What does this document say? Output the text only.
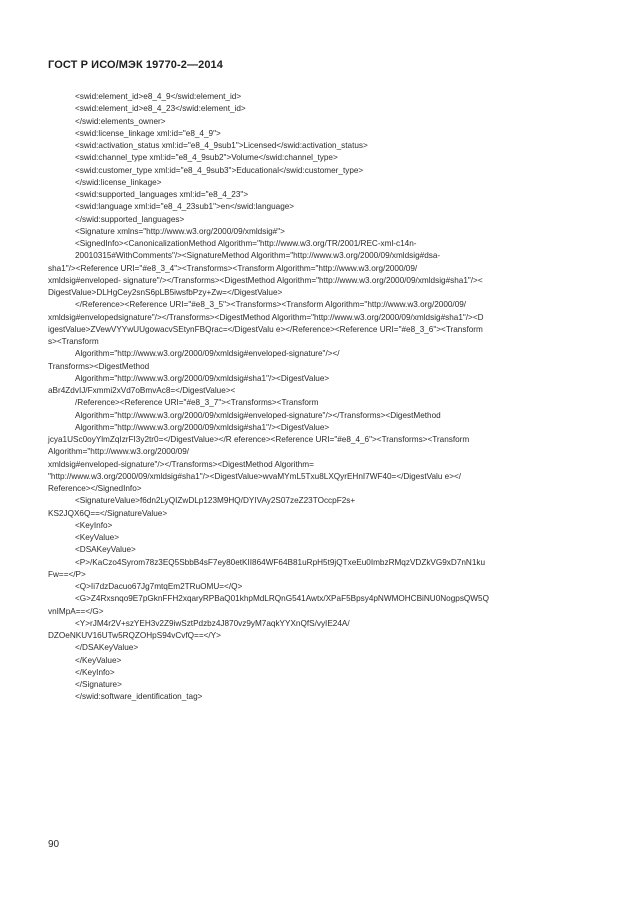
ГОСТ Р ИСО/МЭК 19770-2—2014
<swid:element_id>e8_4_9</swid:element_id>
<swid:element_id>e8_4_23</swid:element_id>
</swid:elements_owner>
<swid:license_linkage xml:id="e8_4_9">
<swid:activation_status xml:id="e8_4_9sub1">Licensed</swid:activation_status>
<swid:channel_type xml:id="e8_4_9sub2">Volume</swid:channel_type>
<swid:customer_type xml:id="e8_4_9sub3">Educational</swid:customer_type>
</swid:license_linkage>
<swid:supported_languages xml:id="e8_4_23">
<swid:language xml:id="e8_4_23sub1">en</swid:language>
</swid:supported_languages>
<Signature xmlns="http://www.w3.org/2000/09/xmldsig#">
<SignedInfo><CanonicalizationMethod Algorithm="http://www.w3.org/TR/2001/REC-xml-c14n-
20010315#WithComments"/><SignatureMethod Algorithm="http://www.w3.org/2000/09/xmldsig#dsa-
sha1"/><Reference URI="#e8_3_4"><Transforms><Transform Algorithm="http://www.w3.org/2000/09/
xmldsig#enveloped- signature"/></Transforms><DigestMethod Algorithm="http://www.w3.org/2000/09/xmldsig#sha1"/><
DigestValue>DLHgCey2snS6pLB5iwsfbPzy+Zw=</DigestValue>
</Reference><Reference URI="#e8_3_5"><Transforms><Transform Algorithm="http://www.w3.org/2000/09/
xmldsig#envelopedsignature"/></Transforms><DigestMethod Algorithm="http://www.w3.org/2000/09/xmldsig#sha1"/><D
igestValue>ZVewVYYwUUgowacvSEtynFBQrac=</DigestValu e></Reference><Reference URI="#e8_3_6"><Transform
s><Transform
Algorithm="http://www.w3.org/2000/09/xmldsig#enveloped-signature"/></
Transforms><DigestMethod
Algorithm="http://www.w3.org/2000/09/xmldsig#sha1"/><DigestValue>
aBr4ZdvIJ/Fxmmi2xVd7oBmvAc8=</DigestValue><
/Reference><Reference URI="#e8_3_7"><Transforms><Transform
Algorithm="http://www.w3.org/2000/09/xmldsig#enveloped-signature"/></Transforms><DigestMethod
Algorithm="http://www.w3.org/2000/09/xmldsig#sha1"/><DigestValue>
jcya1USc0oyYlmZqIzrFI3y2tr0=</DigestValue></R eference><Reference URI="#e8_4_6"><Transforms><Transform
Algorithm="http://www.w3.org/2000/09/
xmldsig#enveloped-signature"/></Transforms><DigestMethod Algorithm=
"http://www.w3.org/2000/09/xmldsig#sha1"/><DigestValue>wvaMYmL5Txu8LXQyrEHnI7WF40=</DigestValu e></
Reference></SignedInfo>
<SignatureValue>f6dn2LyQIZwDLp123M9HQ/DYIVAy2S07zeZ23TOccpF2s+
KS2JQX6Q==</SignatureValue>
<KeyInfo>
<KeyValue>
<DSAKeyValue>
<P>/KaCzo4Syrom78z3EQ5SbbB4sF7ey80etKII864WF64B81uRpH5t9jQTxeEu0ImbzRMqzVDZkVG9xD7nN1ku
Fw==</P>
<Q>Ii7dzDacuo67Jg7mtqEm2TRuOMU=</Q>
<G>Z4Rxsnqo9E7pGknFFH2xqaryRPBaQ01khpMdLRQnG541Awtx/XPaF5Bpsy4pNWMOHCBiNU0NogpsQW5Q
vnIMpA==</G>
<Y>rJM4r2V+szYEH3v2Z9iwSztPdzbz4J870vz9yM7aqkYYXnQfS/vyIE24A/
DZOeNKUV16UTw5RQZOHpS94vCvfQ==</Y>
</DSAKeyValue>
</KeyValue>
</KeyInfo>
</Signature>
</swid:software_identification_tag>
90
